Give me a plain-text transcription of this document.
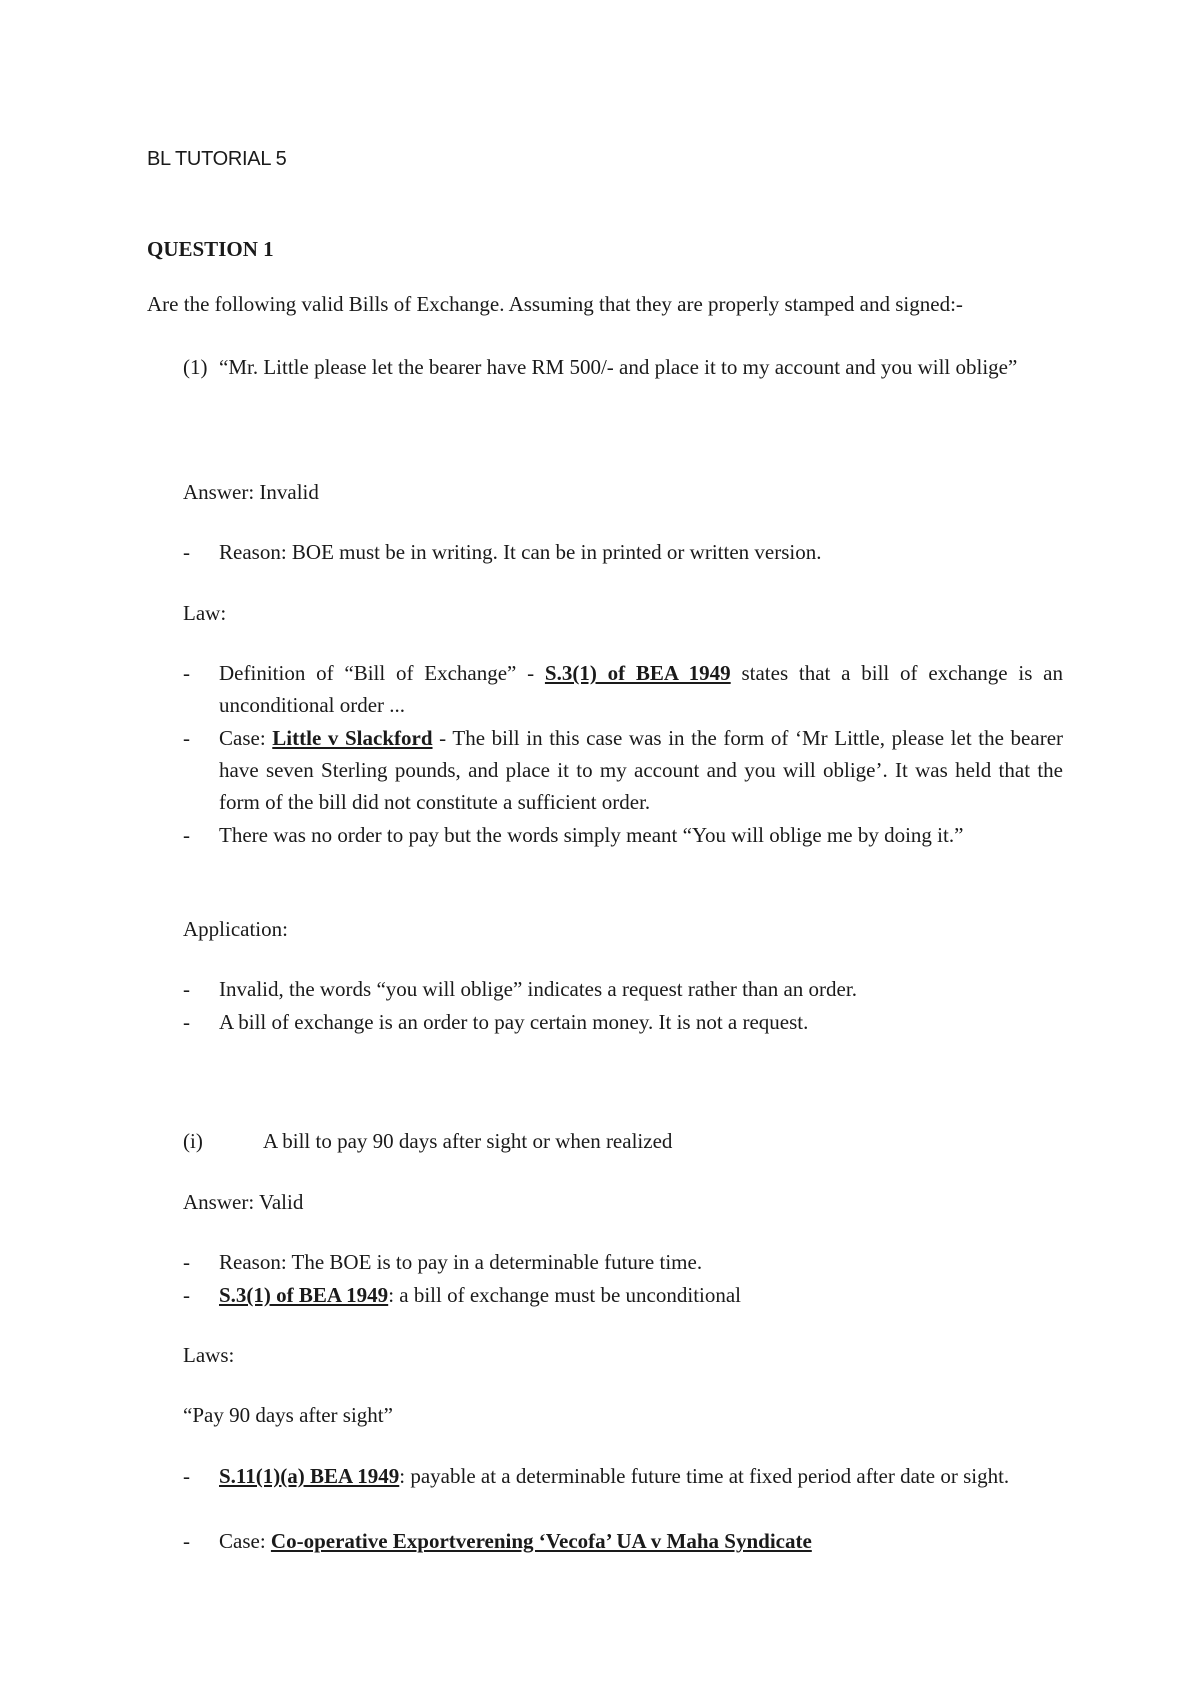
BL TUTORIAL 5
QUESTION 1
Are the following valid Bills of Exchange. Assuming that they are properly stamped and signed:-
(1) “Mr. Little please let the bearer have RM 500/- and place it to my account and you will oblige”
Answer: Invalid
- Reason: BOE must be in writing. It can be in printed or written version.
Law:
- Definition of “Bill of Exchange” - S.3(1) of BEA 1949 states that a bill of exchange is an unconditional order ...
- Case: Little v Slackford - The bill in this case was in the form of ‘Mr Little, please let the bearer have seven Sterling pounds, and place it to my account and you will oblige’. It was held that the form of the bill did not constitute a sufficient order.
- There was no order to pay but the words simply meant “You will oblige me by doing it.”
Application:
- Invalid, the words “you will oblige” indicates a request rather than an order.
- A bill of exchange is an order to pay certain money. It is not a request.
(i)	A bill to pay 90 days after sight or when realized
Answer: Valid
- Reason: The BOE is to pay in a determinable future time.
- S.3(1) of BEA 1949: a bill of exchange must be unconditional
Laws:
“Pay 90 days after sight”
- S.11(1)(a) BEA 1949: payable at a determinable future time at fixed period after date or sight.
- Case: Co-operative Exportverening ‘Vecofa’ UA v Maha Syndicate
